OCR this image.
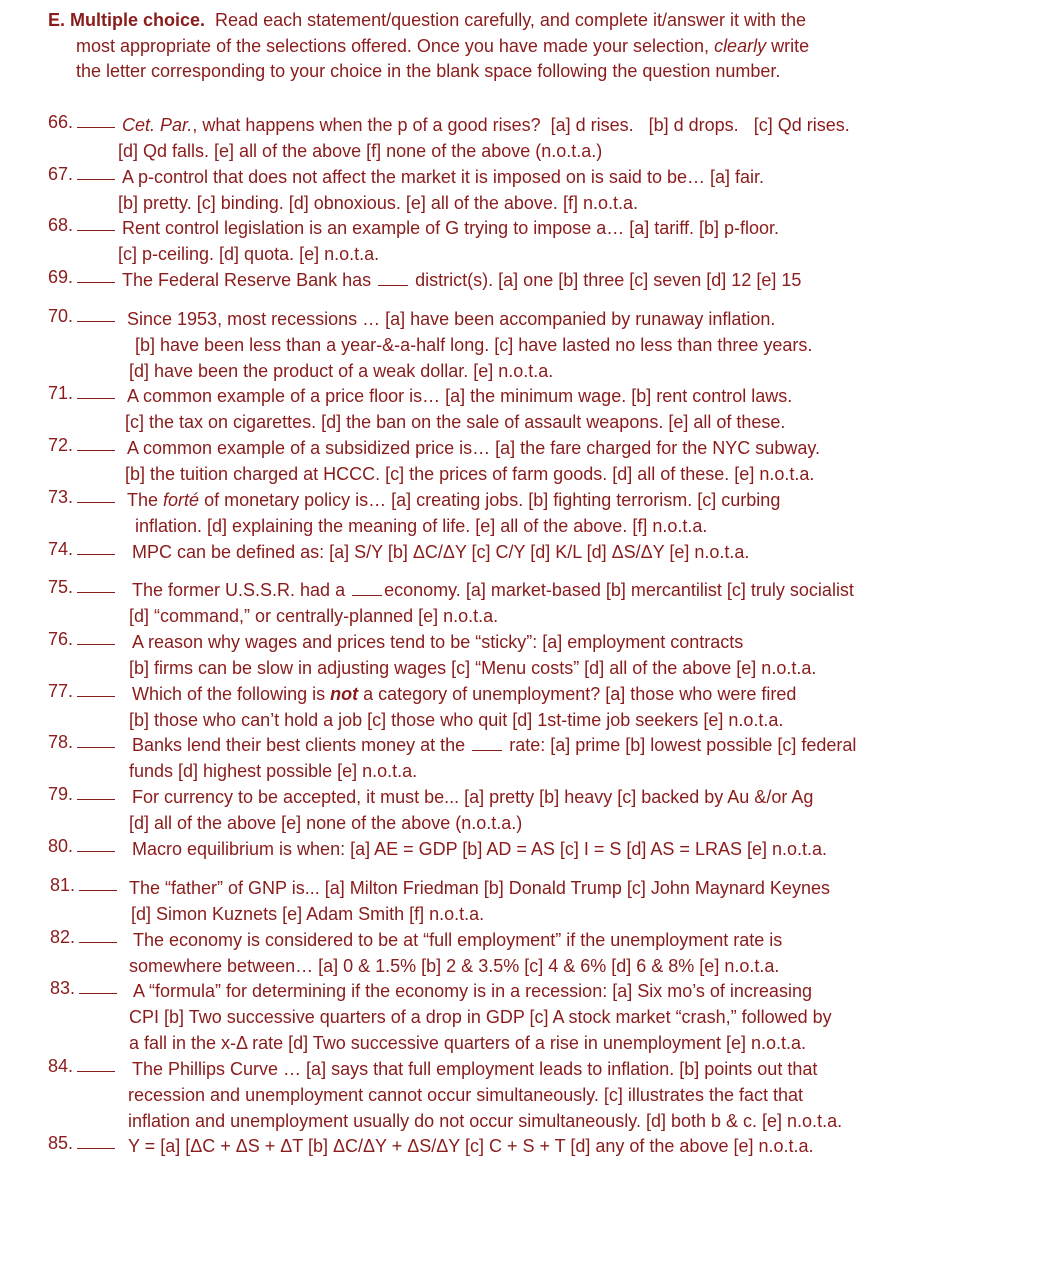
E. Multiple choice. Read each statement/question carefully, and complete it/answer it with the
most appropriate of the selections offered. Once you have made your selection, clearly write
the letter corresponding to your choice in the blank space following the question number.
66.	Cet. Par., what happens when the p of a good rises?  [a] d rises.   [b] d drops.   [c] Qd rises.
[d] Qd falls. [e] all of the above [f] none of the above (n.o.t.a.)
67.	A p-control that does not affect the market it is imposed on is said to be… [a] fair.
[b] pretty. [c] binding. [d] obnoxious. [e] all of the above. [f] n.o.t.a.
68.	Rent control legislation is an example of G trying to impose a… [a] tariff. [b] p-floor.
[c] p-ceiling. [d] quota. [e] n.o.t.a.
69.	The Federal Reserve Bank has district(s). [a] one [b] three [c] seven [d] 12 [e] 15
70.	Since 1953, most recessions … [a] have been accompanied by runaway inflation.
[b] have been less than a year-&-a-half long. [c] have lasted no less than three years.
[d] have been the product of a weak dollar. [e] n.o.t.a.
71.	A common example of a price floor is… [a] the minimum wage. [b] rent control laws.
[c] the tax on cigarettes. [d] the ban on the sale of assault weapons. [e] all of these.
72.	A common example of a subsidized price is… [a] the fare charged for the NYC subway.
[b] the tuition charged at HCCC. [c] the prices of farm goods. [d] all of these. [e] n.o.t.a.
73.	The forté of monetary policy is… [a] creating jobs. [b] fighting terrorism. [c] curbing
inflation. [d] explaining the meaning of life. [e] all of the above. [f] n.o.t.a.
74.	MPC can be defined as: [a] S/Y [b] ΔC/ΔY [c] C/Y [d] K/L [d] ΔS/ΔY [e] n.o.t.a.
75.	The former U.S.S.R. had a economy. [a] market-based [b] mercantilist [c] truly socialist
[d] “command,” or centrally-planned [e] n.o.t.a.
76.	A reason why wages and prices tend to be “sticky”: [a] employment contracts
[b] firms can be slow in adjusting wages [c] “Menu costs” [d] all of the above [e] n.o.t.a.
77.	Which of the following is not a category of unemployment? [a] those who were fired
[b] those who can’t hold a job [c] those who quit [d] 1st-time job seekers [e] n.o.t.a.
78.	Banks lend their best clients money at the rate: [a] prime [b] lowest possible [c] federal
funds [d] highest possible [e] n.o.t.a.
79.	For currency to be accepted, it must be... [a] pretty [b] heavy [c] backed by Au &/or Ag
[d] all of the above [e] none of the above (n.o.t.a.)
80.	Macro equilibrium is when: [a] AE = GDP [b] AD = AS [c] I = S [d] AS = LRAS [e] n.o.t.a.
81.	The “father” of GNP is... [a] Milton Friedman [b] Donald Trump [c] John Maynard Keynes
[d] Simon Kuznets [e] Adam Smith [f] n.o.t.a.
82.	The economy is considered to be at “full employment” if the unemployment rate is
somewhere between… [a] 0 & 1.5% [b] 2 & 3.5% [c] 4 & 6% [d] 6 & 8% [e] n.o.t.a.
83.	A “formula” for determining if the economy is in a recession: [a] Six mo’s of increasing
CPI [b] Two successive quarters of a drop in GDP [c] A stock market “crash,” followed by
a fall in the x-Δ rate [d] Two successive quarters of a rise in unemployment [e] n.o.t.a.
84.	The Phillips Curve … [a] says that full employment leads to inflation. [b] points out that
recession and unemployment cannot occur simultaneously. [c] illustrates the fact that
inflation and unemployment usually do not occur simultaneously. [d] both b & c. [e] n.o.t.a.
85.	Y = [a] [ΔC + ΔS + ΔT [b] ΔC/ΔY + ΔS/ΔY [c] C + S + T [d] any of the above [e] n.o.t.a.
